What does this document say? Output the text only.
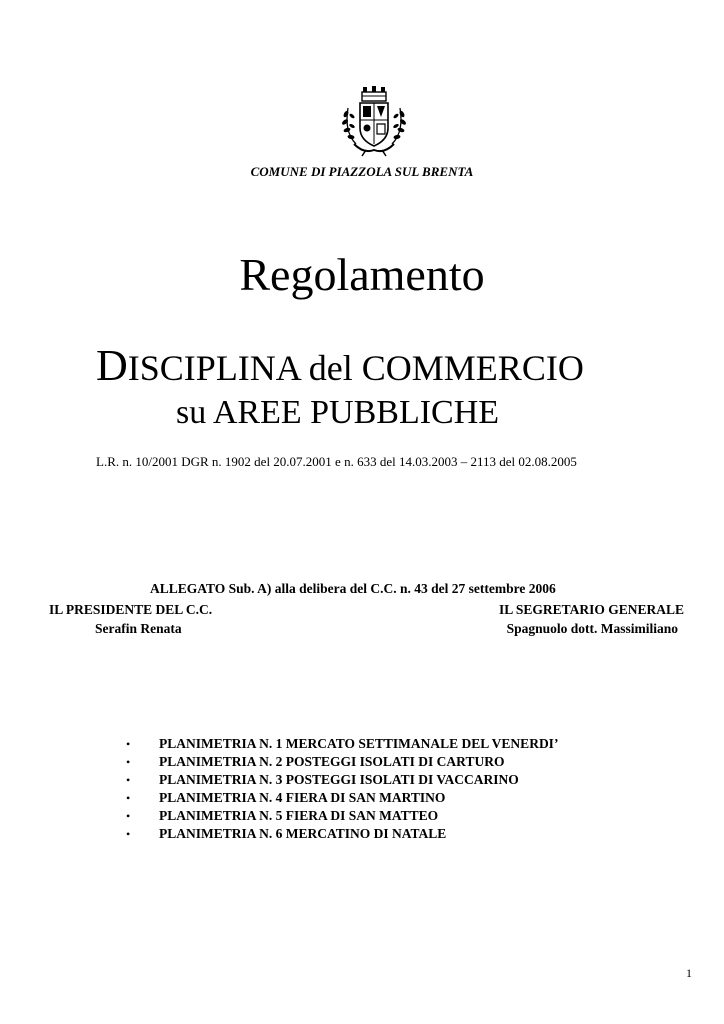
COMUNE DI PIAZZOLA SUL BRENTA
Regolamento
DISCIPLINA del COMMERCIO
su AREE PUBBLICHE
L.R. n. 10/2001 DGR n. 1902 del 20.07.2001 e n. 633 del 14.03.2003 – 2113 del 02.08.2005
ALLEGATO Sub. A) alla delibera del C.C. n. 43 del 27 settembre 2006
IL PRESIDENTE DEL C.C.
Serafin Renata
IL SEGRETARIO GENERALE
Spagnuolo dott. Massimiliano
• PLANIMETRIA N. 1 MERCATO SETTIMANALE DEL VENERDI’
• PLANIMETRIA N. 2 POSTEGGI ISOLATI DI CARTURO
• PLANIMETRIA N. 3 POSTEGGI ISOLATI DI VACCARINO
• PLANIMETRIA N. 4 FIERA DI SAN MARTINO
• PLANIMETRIA N. 5 FIERA DI SAN MATTEO
• PLANIMETRIA N. 6 MERCATINO DI NATALE
1
